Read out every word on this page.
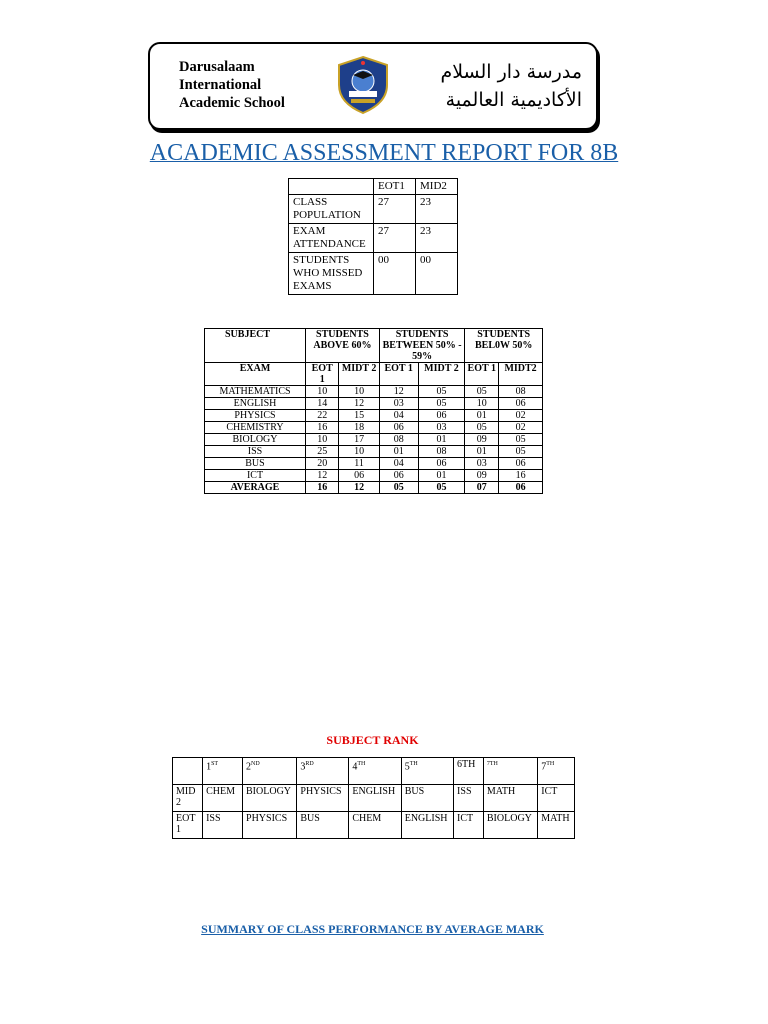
Darusalaam
International
Academic School
مدرسة دار السلام
الأكاديمية العالمية
ACADEMIC ASSESSMENT REPORT FOR 8B
	EOT1	MID2
CLASS POPULATION	27	23
EXAM ATTENDANCE	27	23
STUDENTS WHO MISSED EXAMS	00	00
SUBJECT	STUDENTS ABOVE 60%		STUDENTS BETWEEN 50% - 59%		STUDENTS BEL0W 50%	
EXAM	EOT 1	MIDT 2	EOT 1	MIDT 2	EOT 1	MIDT2
MATHEMATICS	10	10	12	05	05	08
ENGLISH	14	12	03	05	10	06
PHYSICS	22	15	04	06	01	02
CHEMISTRY	16	18	06	03	05	02
BIOLOGY	10	17	08	01	09	05
ISS	25	10	01	08	01	05
BUS	20	11	04	06	03	06
ICT	12	06	06	01	09	16
AVERAGE	16	12	05	05	07	06
SUBJECT RANK
	1ST	2ND	3RD	4TH	5TH	6TH	$^{7TH}$	7TH
MID 2	CHEM	BIOLOGY	PHYSICS	ENGLISH	BUS	ISS	MATH	ICT
EOT 1	ISS	PHYSICS	BUS	CHEM	ENGLISH	ICT	BIOLOGY	MATH
SUMMARY OF CLASS PERFORMANCE BY AVERAGE MARK
